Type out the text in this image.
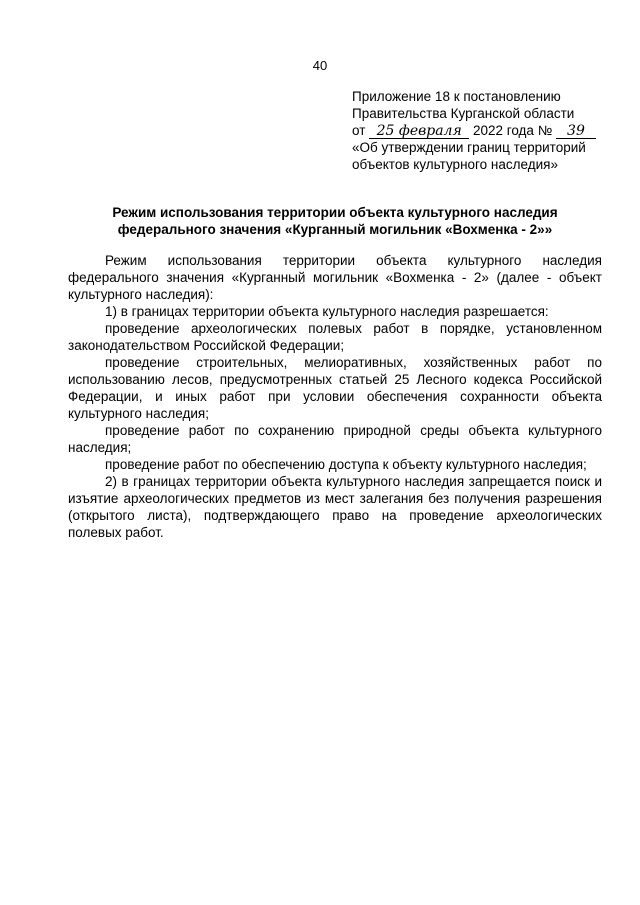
40
Приложение 18 к постановлению
Правительства Курганской области
от 25 февраля 2022 года № 39
«Об утверждении границ территорий
объектов культурного наследия»
Режим использования территории объекта культурного наследия
федерального значения «Курганный могильник «Вохменка - 2»»

Режим использования территории объекта культурного наследия федерального значения «Курганный могильник «Вохменка - 2» (далее - объект культурного наследия):

1) в границах территории объекта культурного наследия разрешается:

проведение археологических полевых работ в порядке, установленном законодательством Российской Федерации;

проведение строительных, мелиоративных, хозяйственных работ по использованию лесов, предусмотренных статьей 25 Лесного кодекса Российской Федерации, и иных работ при условии обеспечения сохранности объекта культурного наследия;

проведение работ по сохранению природной среды объекта культурного наследия;

проведение работ по обеспечению доступа к объекту культурного наследия;

2) в границах территории объекта культурного наследия запрещается поиск и изъятие археологических предметов из мест залегания без получения разрешения (открытого листа), подтверждающего право на проведение археологических полевых работ.
